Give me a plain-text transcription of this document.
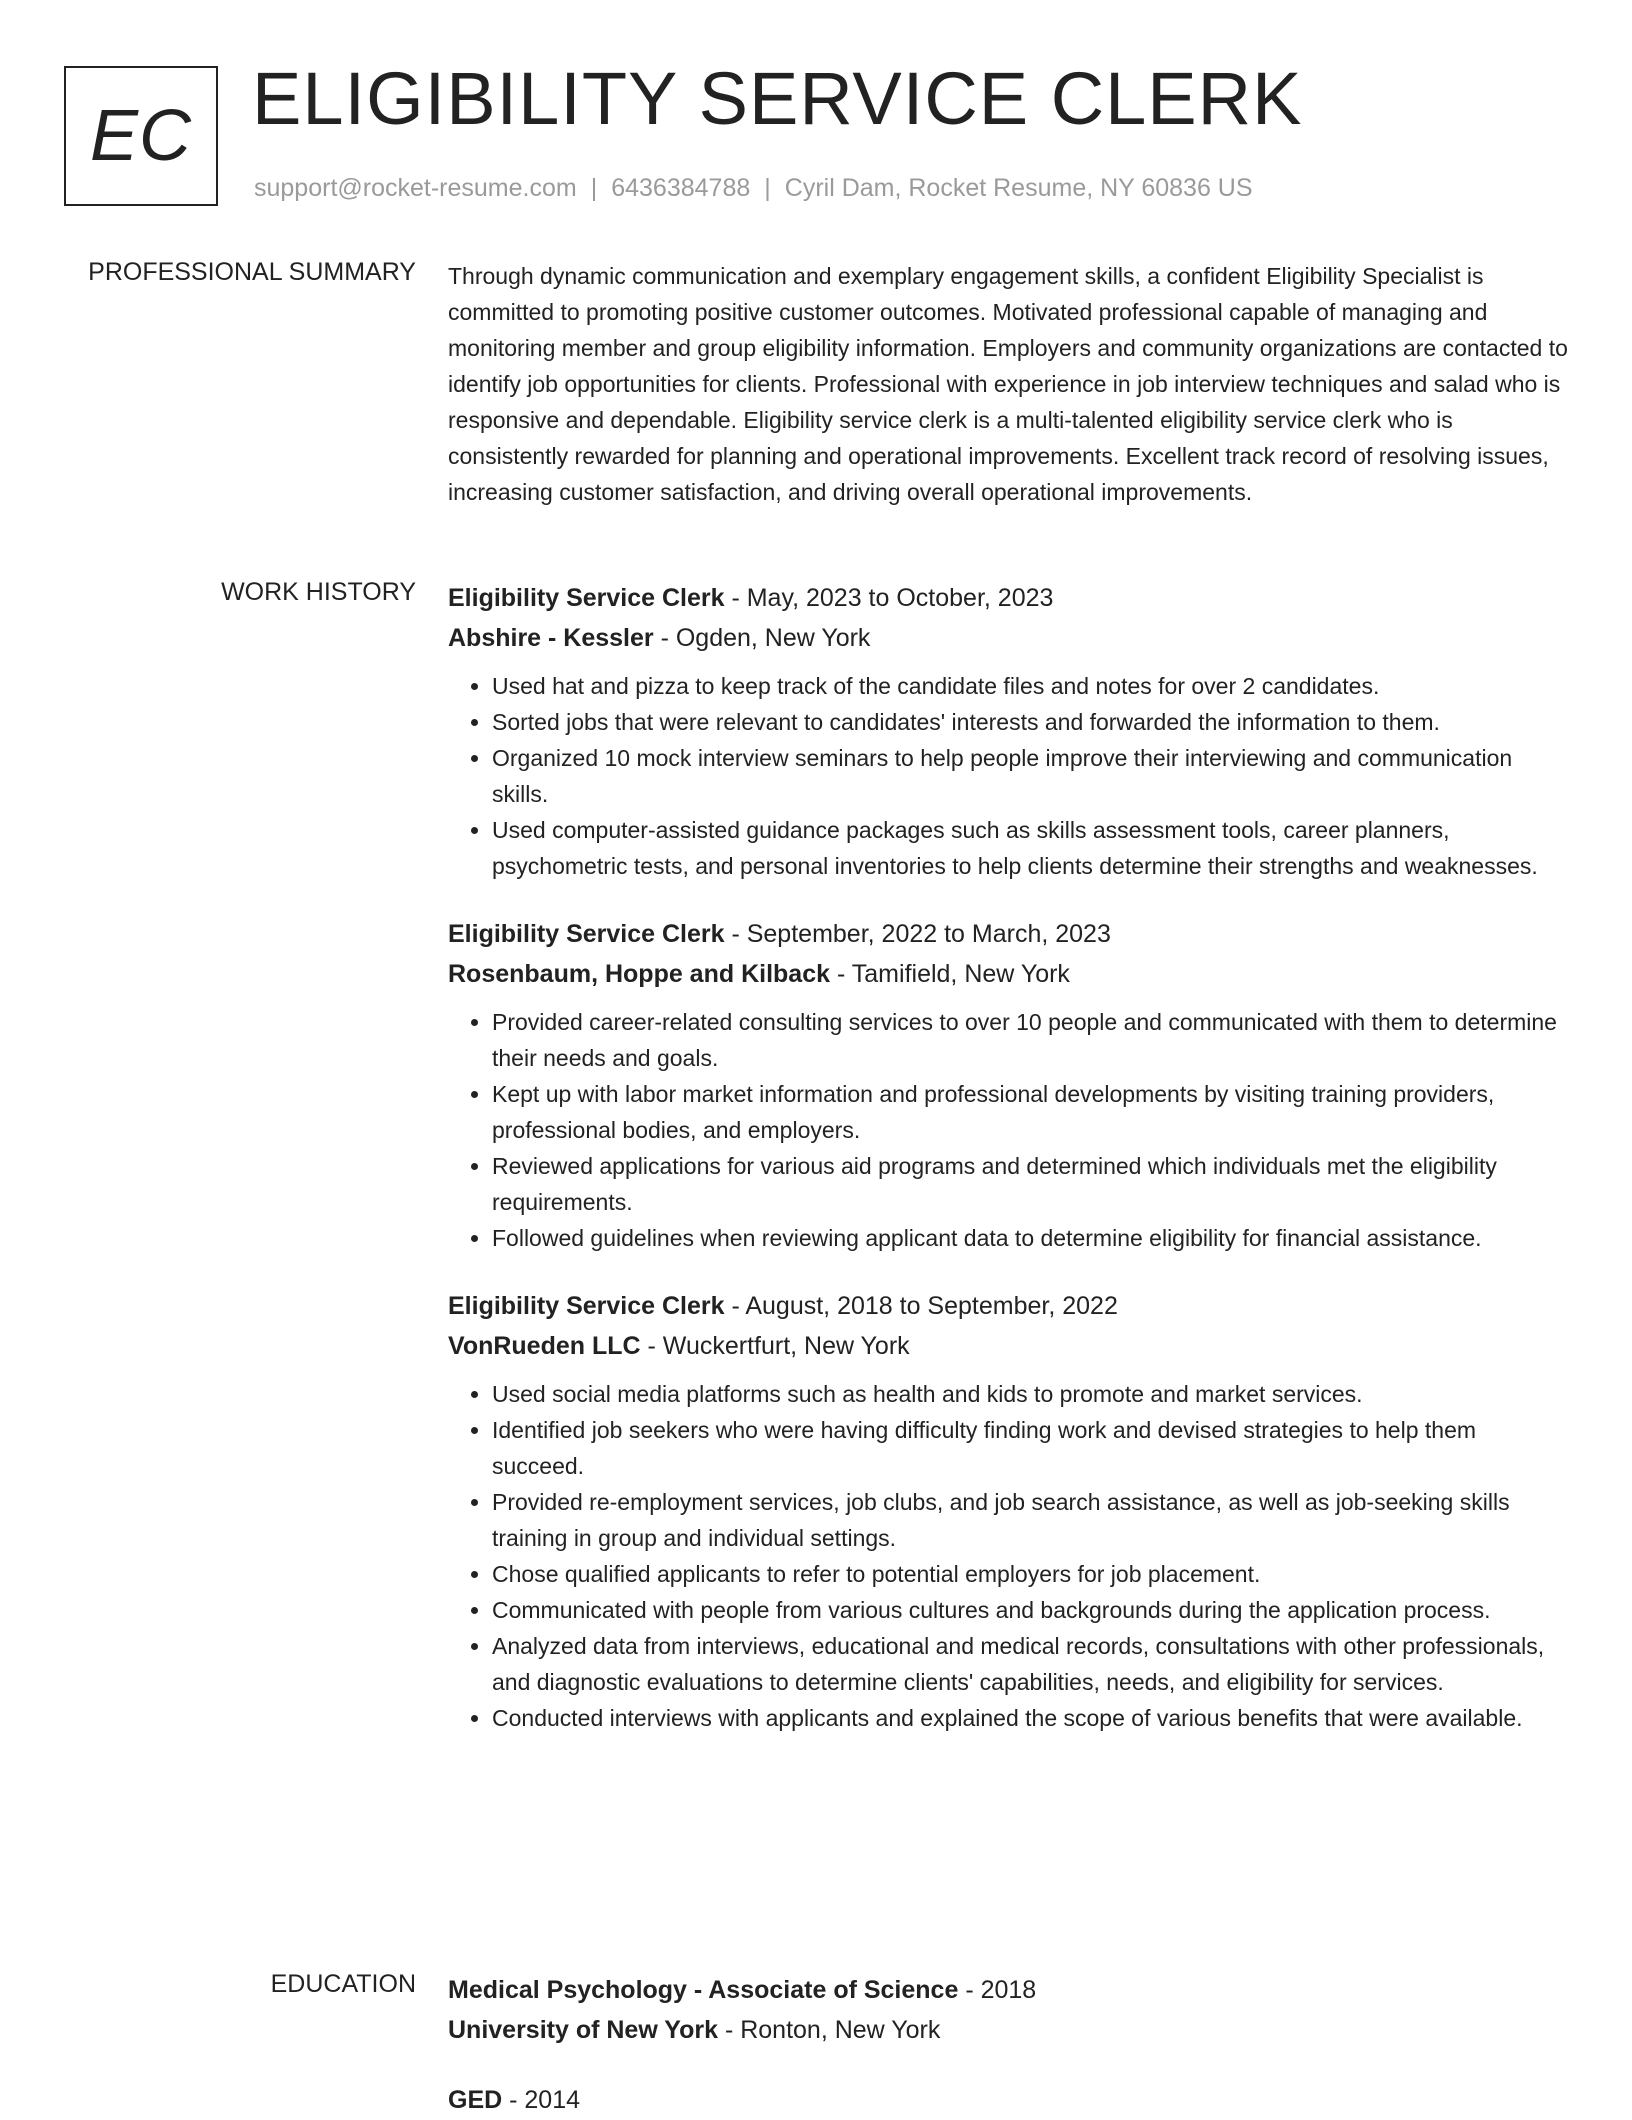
EC ELIGIBILITY SERVICE CLERK
support@rocket-resume.com | 6436384788 | Cyril Dam, Rocket Resume, NY 60836 US
PROFESSIONAL SUMMARY Through dynamic communication and exemplary engagement skills, a confident Eligibility Specialist is committed to promoting positive customer outcomes. Motivated professional capable of managing and monitoring member and group eligibility information. Employers and community organizations are contacted to identify job opportunities for clients. Professional with experience in job interview techniques and salad who is responsive and dependable. Eligibility service clerk is a multi-talented eligibility service clerk who is consistently rewarded for planning and operational improvements. Excellent track record of resolving issues, increasing customer satisfaction, and driving overall operational improvements.

WORK HISTORY Eligibility Service Clerk - May, 2023 to October, 2023
Abshire - Kessler - Ogden, New York
• Used hat and pizza to keep track of the candidate files and notes for over 2 candidates.
• Sorted jobs that were relevant to candidates' interests and forwarded the information to them.
• Organized 10 mock interview seminars to help people improve their interviewing and communication skills.
• Used computer-assisted guidance packages such as skills assessment tools, career planners, psychometric tests, and personal inventories to help clients determine their strengths and weaknesses.
Eligibility Service Clerk - September, 2022 to March, 2023
Rosenbaum, Hoppe and Kilback - Tamifield, New York
• Provided career-related consulting services to over 10 people and communicated with them to determine their needs and goals.
• Kept up with labor market information and professional developments by visiting training providers, professional bodies, and employers.
• Reviewed applications for various aid programs and determined which individuals met the eligibility requirements.
• Followed guidelines when reviewing applicant data to determine eligibility for financial assistance.
Eligibility Service Clerk - August, 2018 to September, 2022
VonRueden LLC - Wuckertfurt, New York
• Used social media platforms such as health and kids to promote and market services.
• Identified job seekers who were having difficulty finding work and devised strategies to help them succeed.
• Provided re-employment services, job clubs, and job search assistance, as well as job-seeking skills training in group and individual settings.
• Chose qualified applicants to refer to potential employers for job placement.
• Communicated with people from various cultures and backgrounds during the application process.
• Analyzed data from interviews, educational and medical records, consultations with other professionals, and diagnostic evaluations to determine clients' capabilities, needs, and eligibility for services.
• Conducted interviews with applicants and explained the scope of various benefits that were available.
EDUCATION Medical Psychology - Associate of Science - 2018
University of New York - Ronton, New York
GED - 2014
